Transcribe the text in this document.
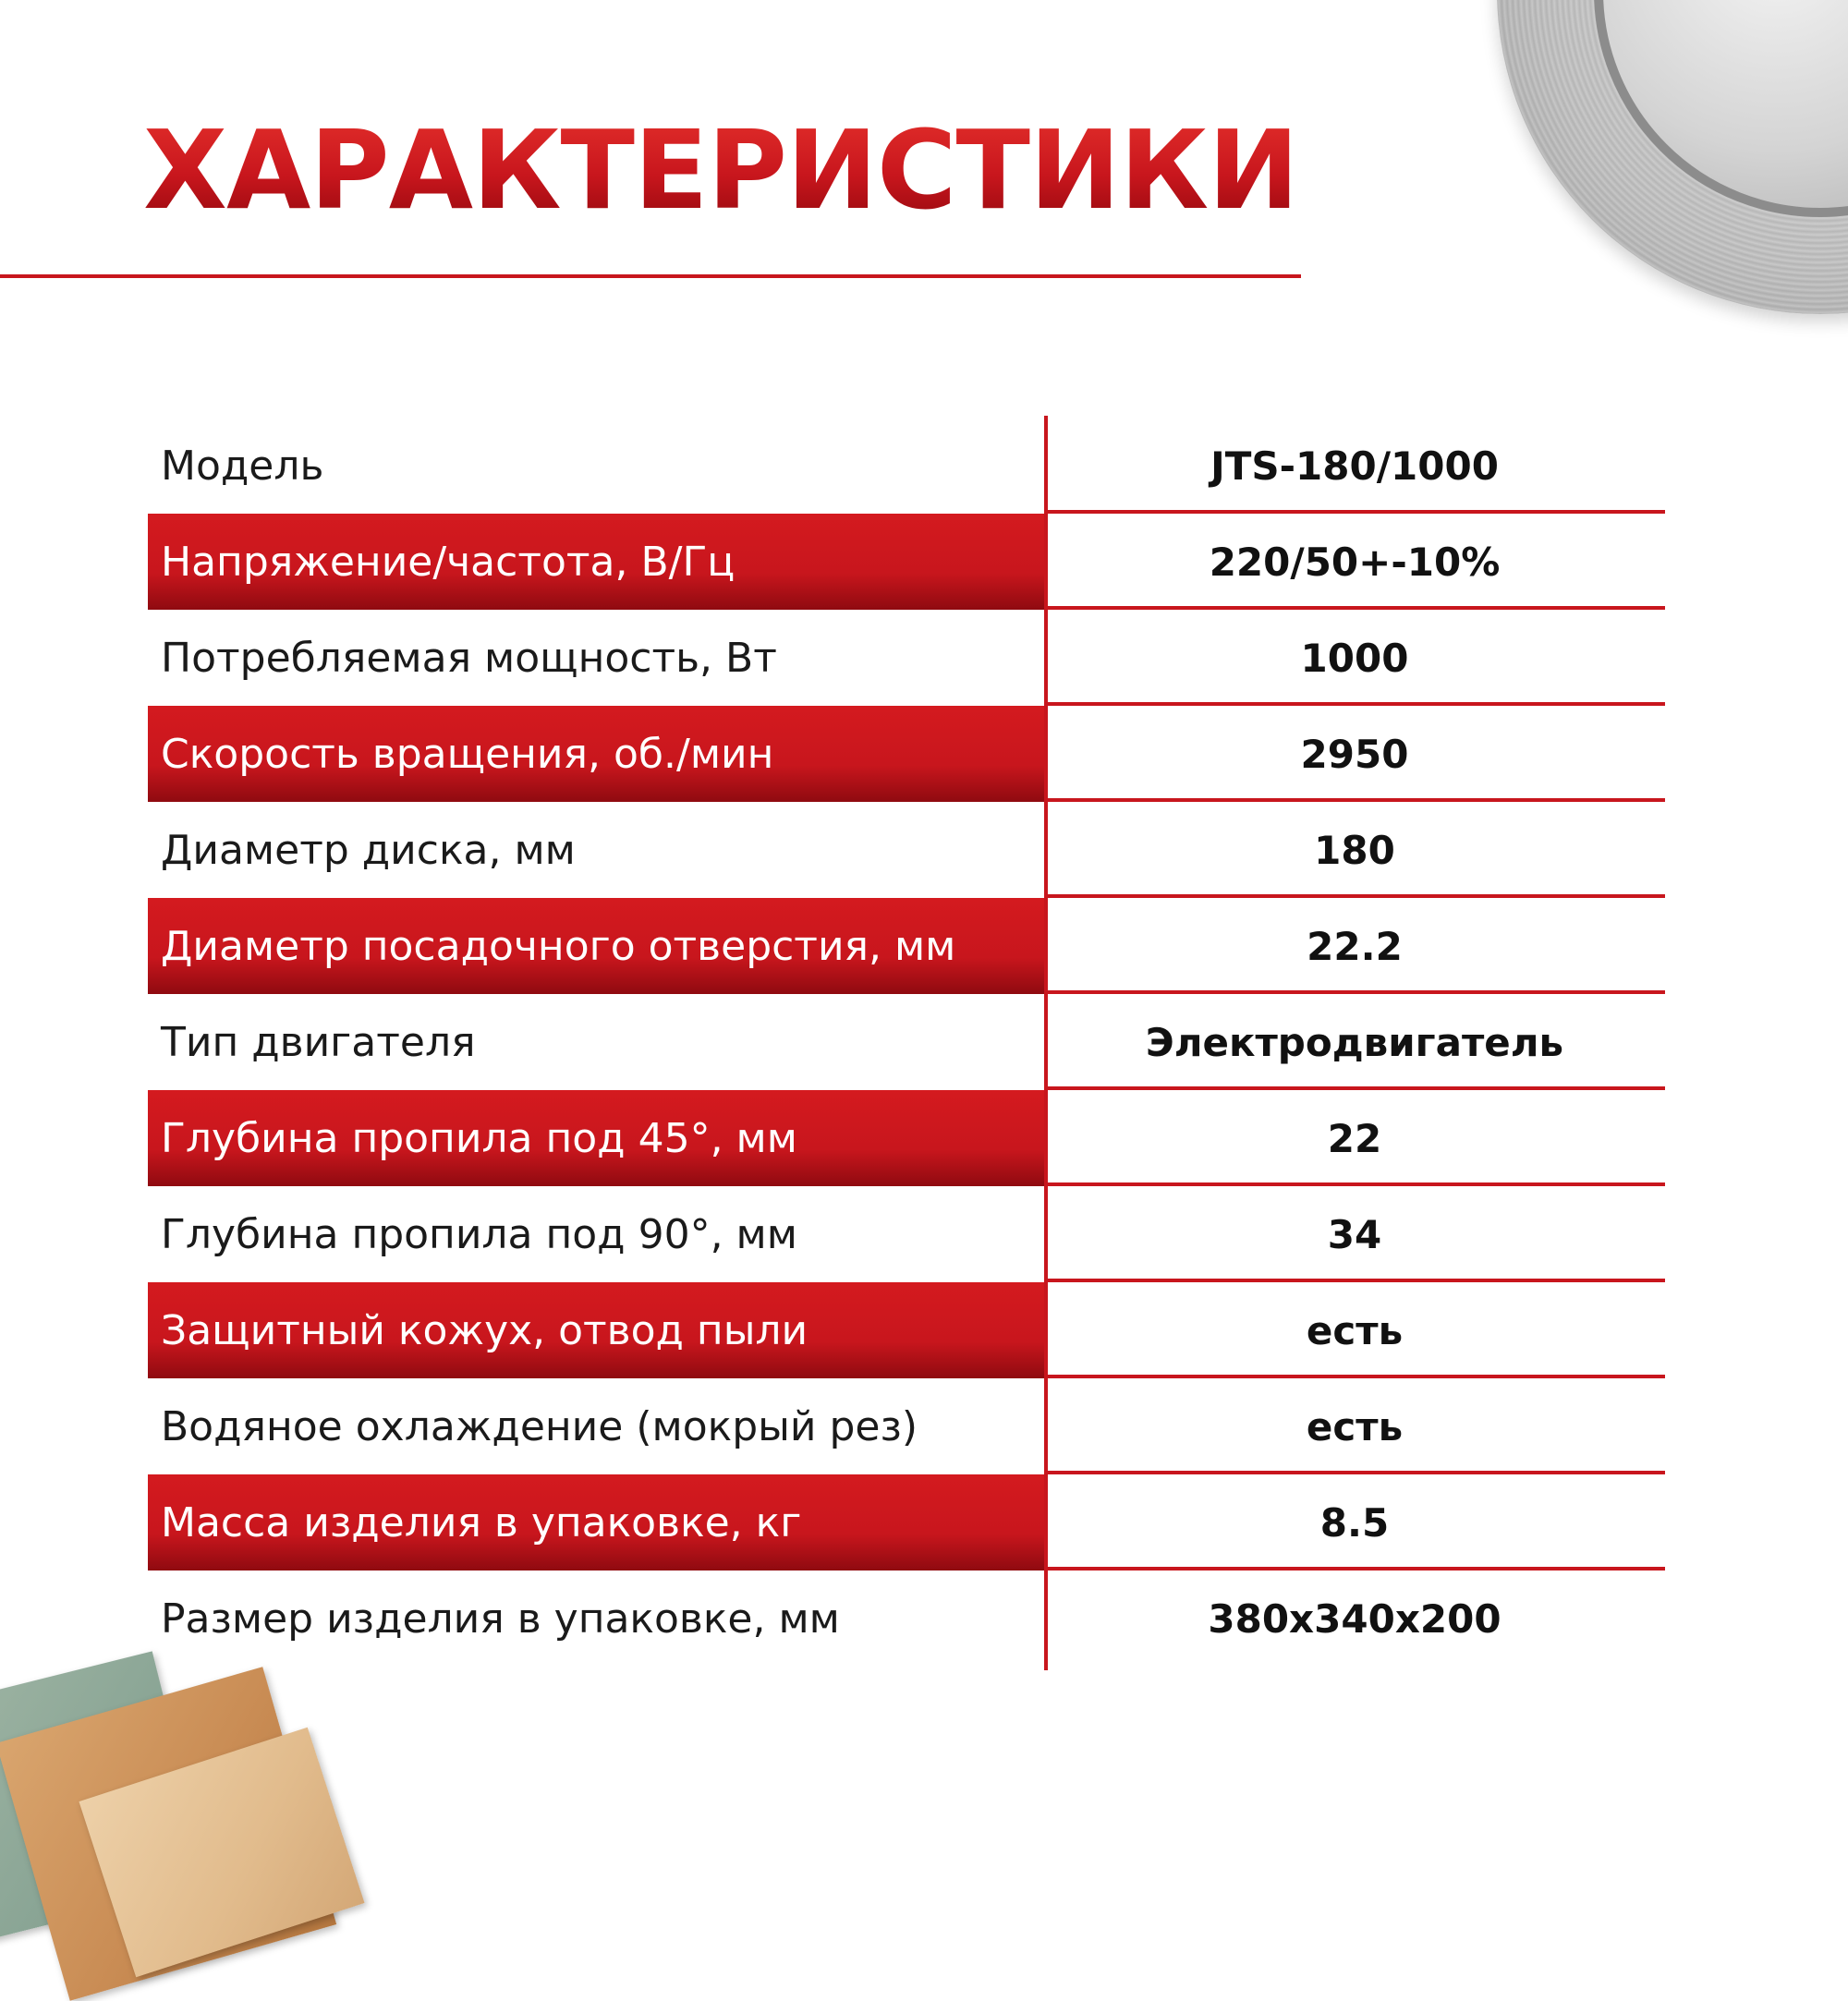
ХАРАКТЕРИСТИКИ
Модель	JTS-180/1000
Напряжение/частота, В/Гц	220/50+-10%
Потребляемая мощность, Вт	1000
Скорость вращения, об./мин	2950
Диаметр диска, мм	180
Диаметр посадочного отверстия, мм	22.2
Тип двигателя	Электродвигатель
Глубина пропила под 45°, мм	22
Глубина пропила под 90°, мм	34
Защитный кожух, отвод пыли	есть
Водяное охлаждение (мокрый рез)	есть
Масса изделия в упаковке, кг	8.5
Размер изделия в упаковке, мм	380x340x200
